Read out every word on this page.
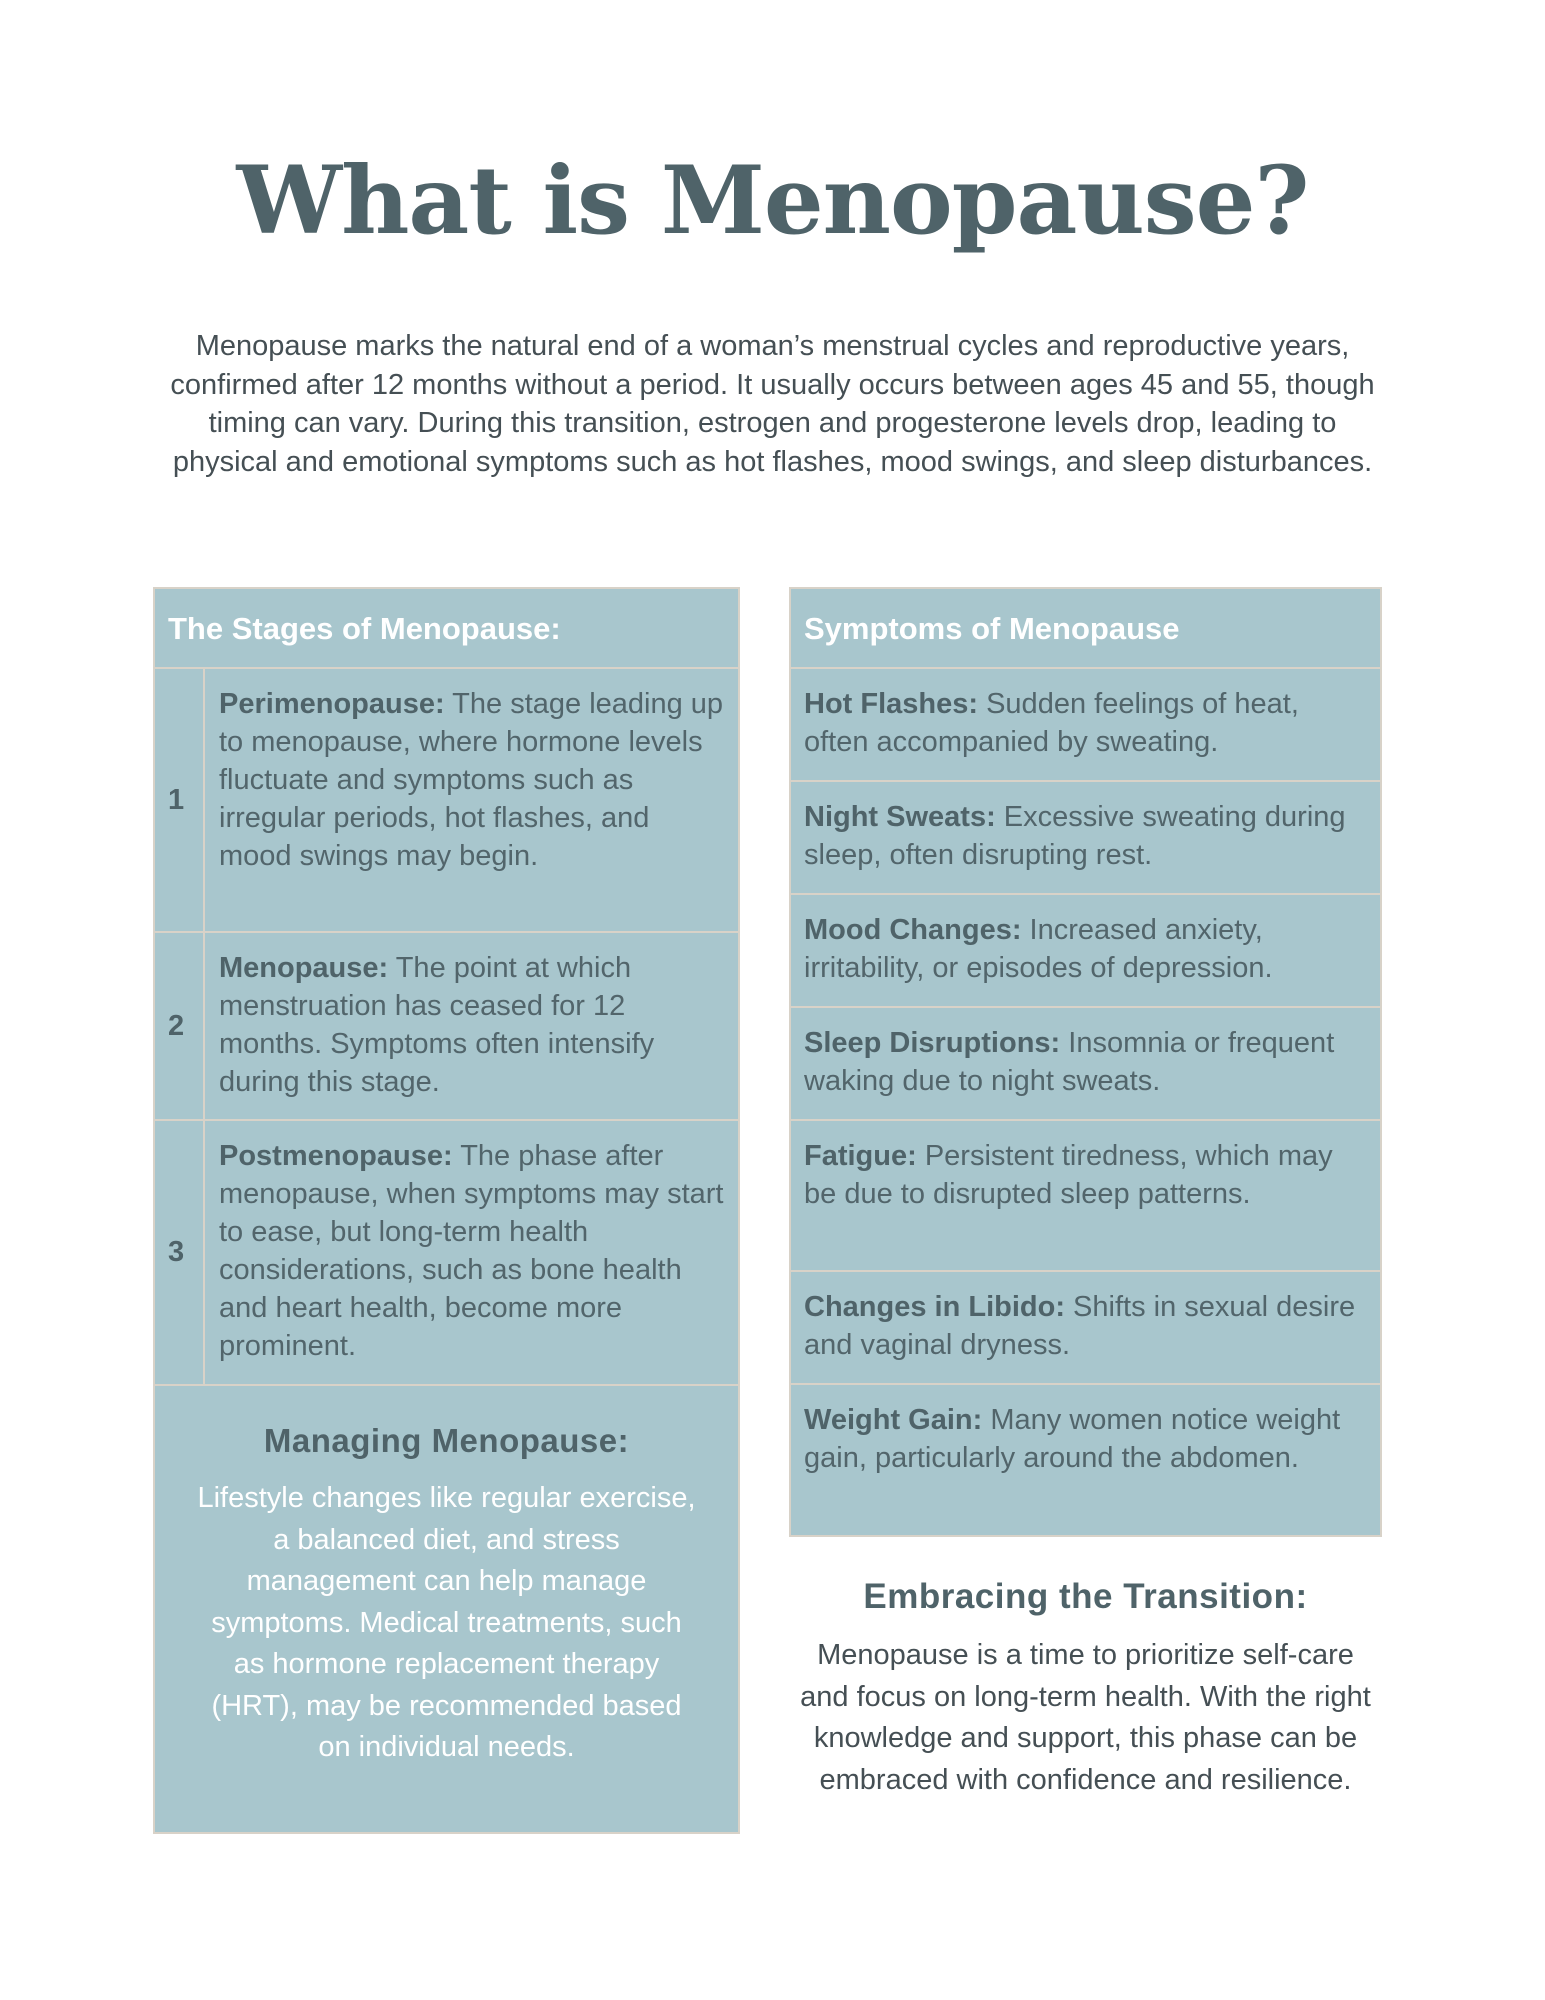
What is Menopause?

Menopause marks the natural end of a woman’s menstrual cycles and reproductive years, confirmed after 12 months without a period. It usually occurs between ages 45 and 55, though timing can vary. During this transition, estrogen and progesterone levels drop, leading to physical and emotional symptoms such as hot flashes, mood swings, and sleep disturbances.

The Stages of Menopause:
1
Perimenopause: The stage leading up to menopause, where hormone levels fluctuate and symptoms such as irregular periods, hot flashes, and mood swings may begin.
2
Menopause: The point at which menstruation has ceased for 12 months. Symptoms often intensify during this stage.
3
Postmenopause: The phase after menopause, when symptoms may start to ease, but long-term health considerations, such as bone health and heart health, become more prominent.
Managing Menopause:

Lifestyle changes like regular exercise, a balanced diet, and stress management can help manage symptoms. Medical treatments, such as hormone replacement therapy (HRT), may be recommended based on individual needs.

Symptoms of Menopause
Hot Flashes: Sudden feelings of heat, often accompanied by sweating.
Night Sweats: Excessive sweating during sleep, often disrupting rest.
Mood Changes: Increased anxiety, irritability, or episodes of depression.
Sleep Disruptions: Insomnia or frequent waking due to night sweats.
Fatigue: Persistent tiredness, which may be due to disrupted sleep patterns.
Changes in Libido: Shifts in sexual desire and vaginal dryness.
Weight Gain: Many women notice weight gain, particularly around the abdomen.
Embracing the Transition:

Menopause is a time to prioritize self-care and focus on long-term health. With the right knowledge and support, this phase can be embraced with confidence and resilience.
